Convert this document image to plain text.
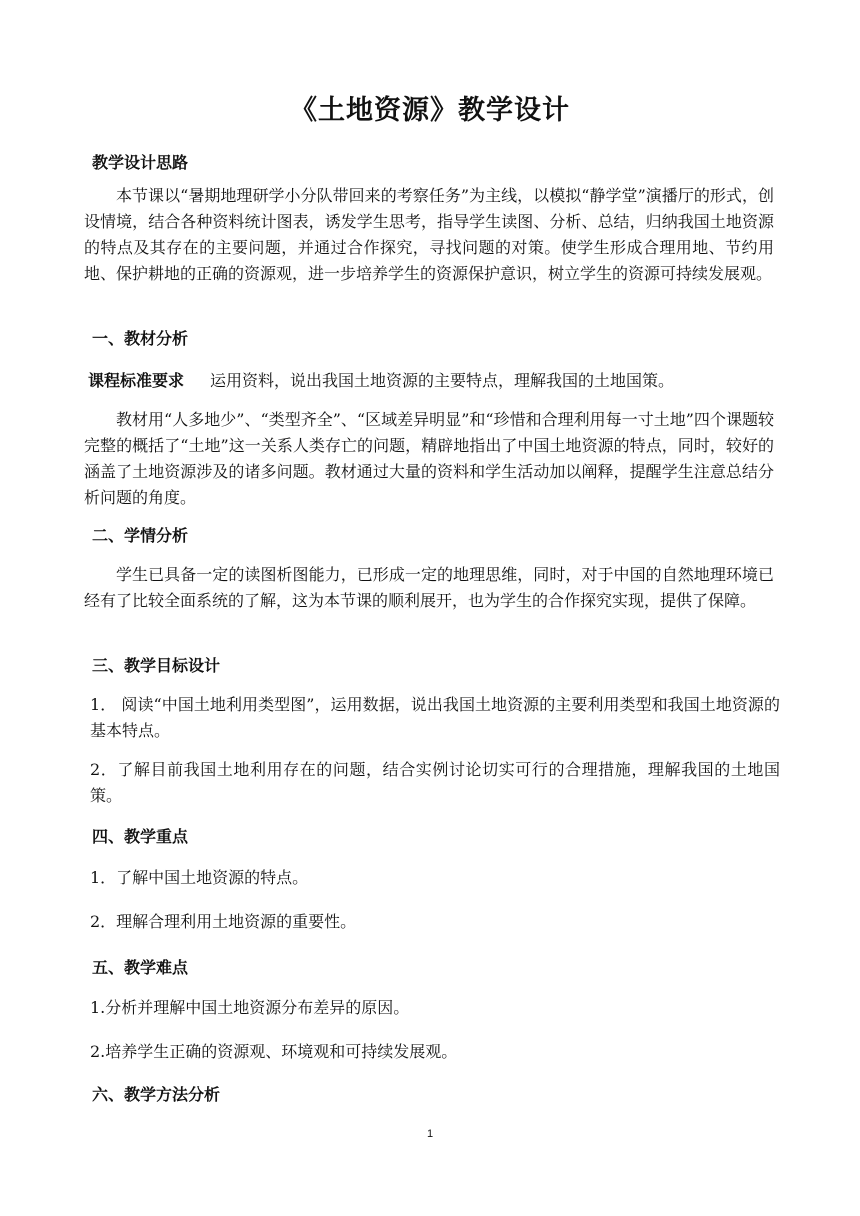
《土地资源》教学设计
教学设计思路
本节课以“暑期地理研学小分队带回来的考察任务”为主线，以模拟“静学堂”演播厅的形式，创设情境，结合各种资料统计图表，诱发学生思考，指导学生读图、分析、总结，归纳我国土地资源的特点及其存在的主要问题，并通过合作探究，寻找问题的对策。使学生形成合理用地、节约用地、保护耕地的正确的资源观，进一步培养学生的资源保护意识，树立学生的资源可持续发展观。
一、教材分析
课程标准要求 运用资料，说出我国土地资源的主要特点，理解我国的土地国策。
教材用“人多地少”、“类型齐全”、“区域差异明显”和“珍惜和合理利用每一寸土地”四个课题较完整的概括了“土地”这一关系人类存亡的问题，精辟地指出了中国土地资源的特点，同时，较好的涵盖了土地资源涉及的诸多问题。教材通过大量的资料和学生活动加以阐释，提醒学生注意总结分析问题的角度。
二、学情分析
学生已具备一定的读图析图能力，已形成一定的地理思维，同时，对于中国的自然地理环境已经有了比较全面系统的了解，这为本节课的顺利展开，也为学生的合作探究实现，提供了保障。
三、教学目标设计
1． 阅读“中国土地利用类型图”，运用数据，说出我国土地资源的主要利用类型和我国土地资源的基本特点。
2．了解目前我国土地利用存在的问题，结合实例讨论切实可行的合理措施，理解我国的土地国策。
四、教学重点
1．了解中国土地资源的特点。
2．理解合理利用土地资源的重要性。
五、教学难点
1.分析并理解中国土地资源分布差异的原因。
2.培养学生正确的资源观、环境观和可持续发展观。
六、教学方法分析
1
